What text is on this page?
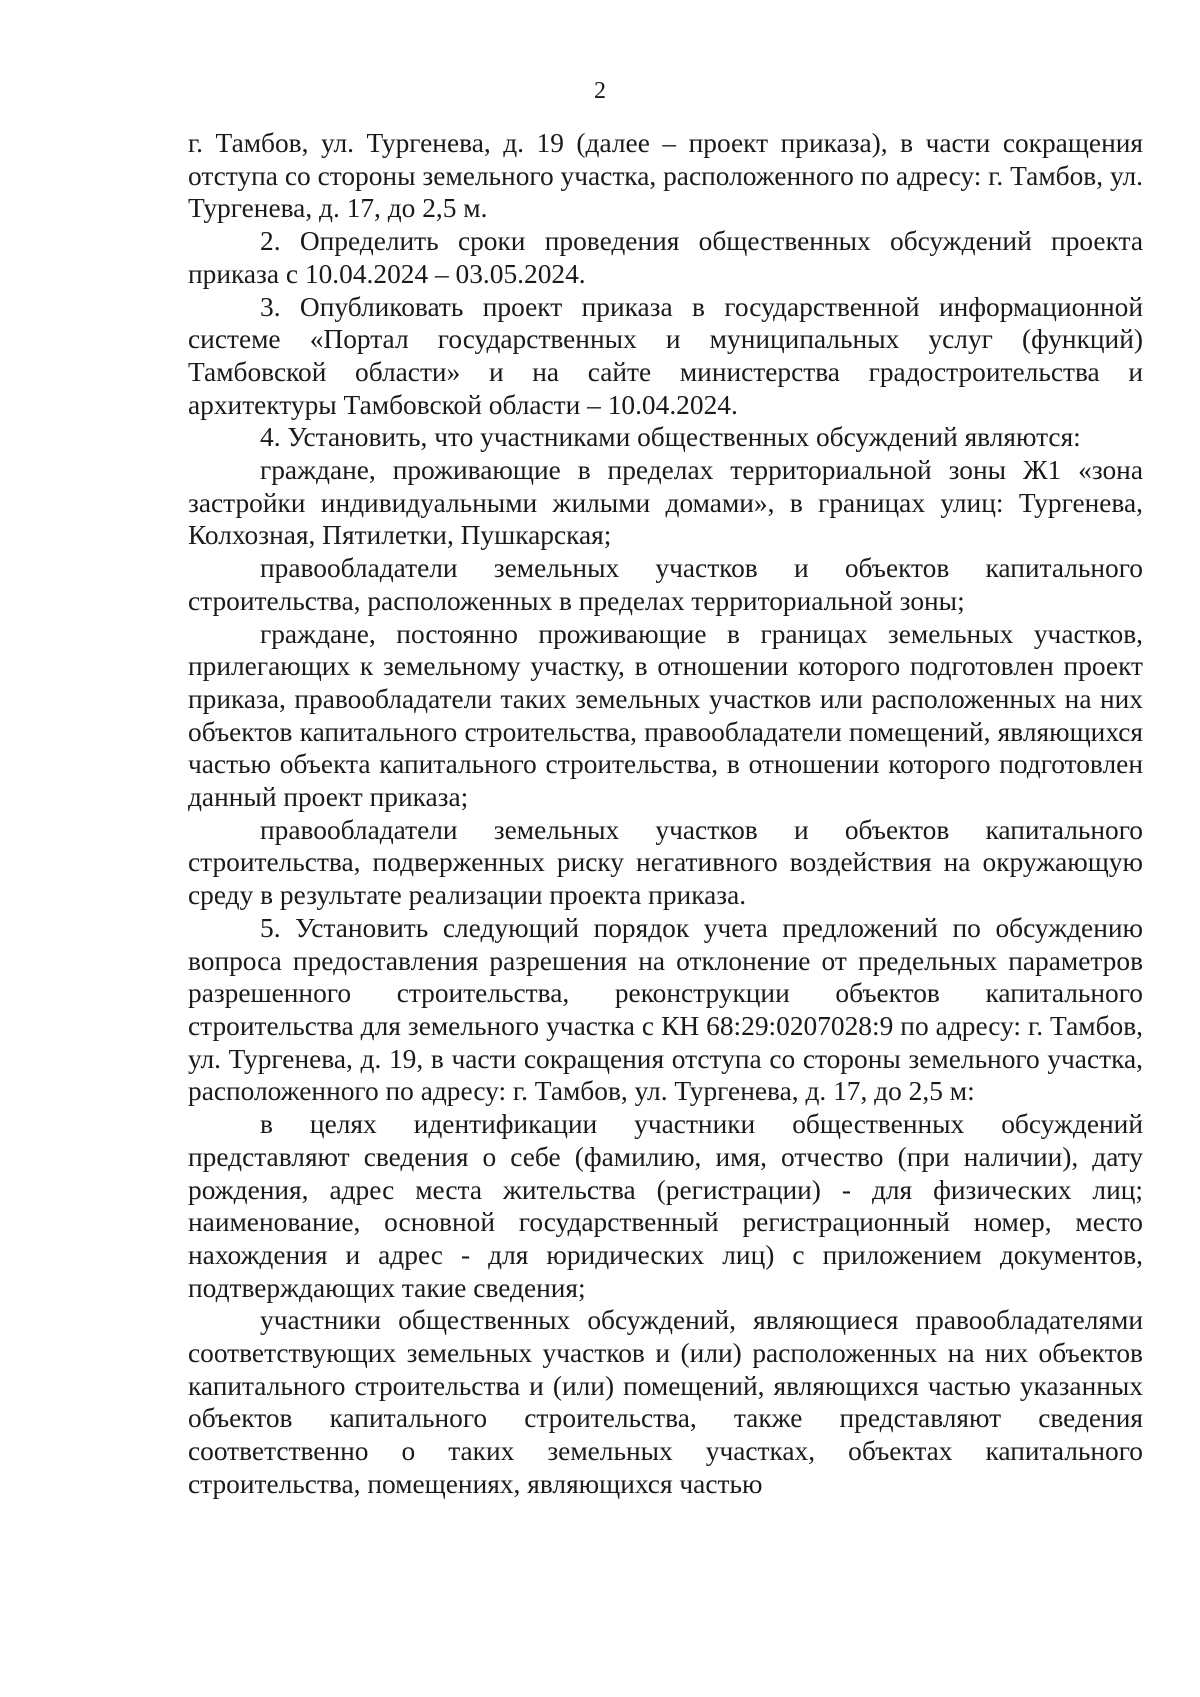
2

г. Тамбов, ул. Тургенева, д. 19 (далее – проект приказа), в части сокращения отступа со стороны земельного участка, расположенного по адресу: г. Тамбов, ул. Тургенева, д. 17, до 2,5 м.

2. Определить сроки проведения общественных обсуждений проекта приказа с 10.04.2024 – 03.05.2024.

3. Опубликовать проект приказа в государственной информационной системе «Портал государственных и муниципальных услуг (функций) Тамбовской области» и на сайте министерства градостроительства и архитектуры Тамбовской области – 10.04.2024.

4. Установить, что участниками общественных обсуждений являются:

граждане, проживающие в пределах территориальной зоны Ж1 «зона застройки индивидуальными жилыми домами», в границах улиц: Тургенева, Колхозная, Пятилетки, Пушкарская;

правообладатели земельных участков и объектов капитального строительства, расположенных в пределах территориальной зоны;

граждане, постоянно проживающие в границах земельных участков, прилегающих к земельному участку, в отношении которого подготовлен проект приказа, правообладатели таких земельных участков или расположенных на них объектов капитального строительства, правообладатели помещений, являющихся частью объекта капитального строительства, в отношении которого подготовлен данный проект приказа;

правообладатели земельных участков и объектов капитального строительства, подверженных риску негативного воздействия на окружающую среду в результате реализации проекта приказа.

5. Установить следующий порядок учета предложений по обсуждению вопроса предоставления разрешения на отклонение от предельных параметров разрешенного строительства, реконструкции объектов капитального строительства для земельного участка с КН 68:29:0207028:9 по адресу: г. Тамбов, ул. Тургенева, д. 19, в части сокращения отступа со стороны земельного участка, расположенного по адресу: г. Тамбов, ул. Тургенева, д. 17, до 2,5 м:

в целях идентификации участники общественных обсуждений представляют сведения о себе (фамилию, имя, отчество (при наличии), дату рождения, адрес места жительства (регистрации) - для физических лиц; наименование, основной государственный регистрационный номер, место нахождения и адрес - для юридических лиц) с приложением документов, подтверждающих такие сведения;

участники общественных обсуждений, являющиеся правообладателями соответствующих земельных участков и (или) расположенных на них объектов капитального строительства и (или) помещений, являющихся частью указанных объектов капитального строительства, также представляют сведения соответственно о таких земельных участках, объектах капитального строительства, помещениях, являющихся частью
